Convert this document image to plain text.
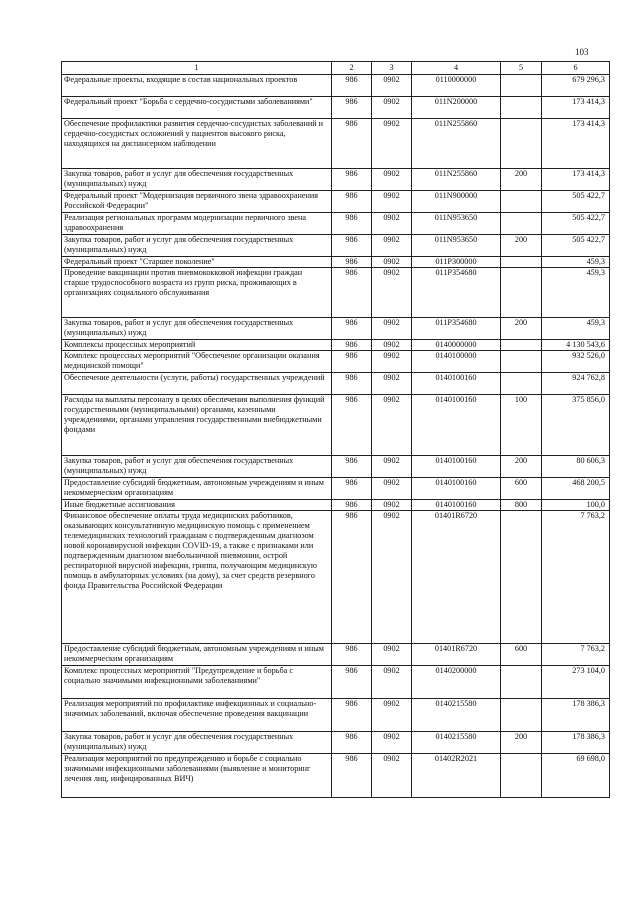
103
1	2	3	4	5	6
Федеральные проекты, входящие в состав национальных проектов	986	0902	0110000000		679 296,3
Федеральный проект "Борьба с сердечно-сосудистыми заболеваниями"	986	0902	011N200000		173 414,3
Обеспечение профилактики развития сердечно-сосудистых заболеваний и сердечно-сосудистых осложнений у пациентов высокого риска, находящихся на диспансерном наблюдении	986	0902	011N255860		173 414,3
Закупка товаров, работ и услуг для обеспечения государственных (муниципальных) нужд	986	0902	011N255860	200	173 414,3
Федеральный проект "Модернизация первичного звена здравоохранения Российской Федерации"	986	0902	011N900000		505 422,7
Реализация региональных программ модернизации первичного звена здравоохранения	986	0902	011N953650		505 422,7
Закупка товаров, работ и услуг для обеспечения государственных (муниципальных) нужд	986	0902	011N953650	200	505 422,7
Федеральный проект "Старшее поколение"	986	0902	011P300000		459,3
Проведение вакцинации против пневмококковой инфекции граждан старше трудоспособного возраста из групп риска, проживающих в организациях социального обслуживания	986	0902	011P354680		459,3
Закупка товаров, работ и услуг для обеспечения государственных (муниципальных) нужд	986	0902	011P354680	200	459,3
Комплексы процессных мероприятий	986	0902	0140000000		4 130 543,6
Комплекс процессных мероприятий "Обеспечение организации оказания медицинской помощи"	986	0902	0140100000		932 526,0
Обеспечение деятельности (услуги, работы) государственных учреждений	986	0902	0140100160		924 762,8
Расходы на выплаты персоналу в целях обеспечения выполнения функций государственными (муниципальными) органами, казенными учреждениями, органами управления государственными внебюджетными фондами	986	0902	0140100160	100	375 856,0
Закупка товаров, работ и услуг для обеспечения государственных (муниципальных) нужд	986	0902	0140100160	200	80 606,3
Предоставление субсидий бюджетным, автономным учреждениям и иным некоммерческим организациям	986	0902	0140100160	600	468 200,5
Иные бюджетные ассигнования	986	0902	0140100160	800	100,0
Финансовое обеспечение оплаты труда медицинских работников, оказывающих консультативную медицинскую помощь с применением телемедицинских технологий гражданам с подтвержденным диагнозом новой коронавирусной инфекции COVID-19, а также с признаками или подтвержденным диагнозом внебольничной пневмонии, острой респираторной вирусной инфекции, гриппа, получающим медицинскую помощь в амбулаторных условиях (на дому), за счет средств резервного фонда Правительства Российской Федерации	986	0902	01401R6720		7 763,2
Предоставление субсидий бюджетным, автономным учреждениям и иным некоммерческим организациям	986	0902	01401R6720	600	7 763,2
Комплекс процессных мероприятий "Предупреждение и борьба с социально значимыми инфекционными заболеваниями"	986	0902	0140200000		273 104,0
Реализация мероприятий по профилактике инфекционных и социально-значимых заболеваний, включая обеспечение проведения вакцинации	986	0902	0140215580		178 386,3
Закупка товаров, работ и услуг для обеспечения государственных (муниципальных) нужд	986	0902	0140215580	200	178 386,3
Реализация мероприятий по предупреждению и борьбе с социально значимыми инфекционными заболеваниями (выявление и мониторинг лечения лиц, инфицированных ВИЧ)	986	0902	01402R2021		69 698,0
